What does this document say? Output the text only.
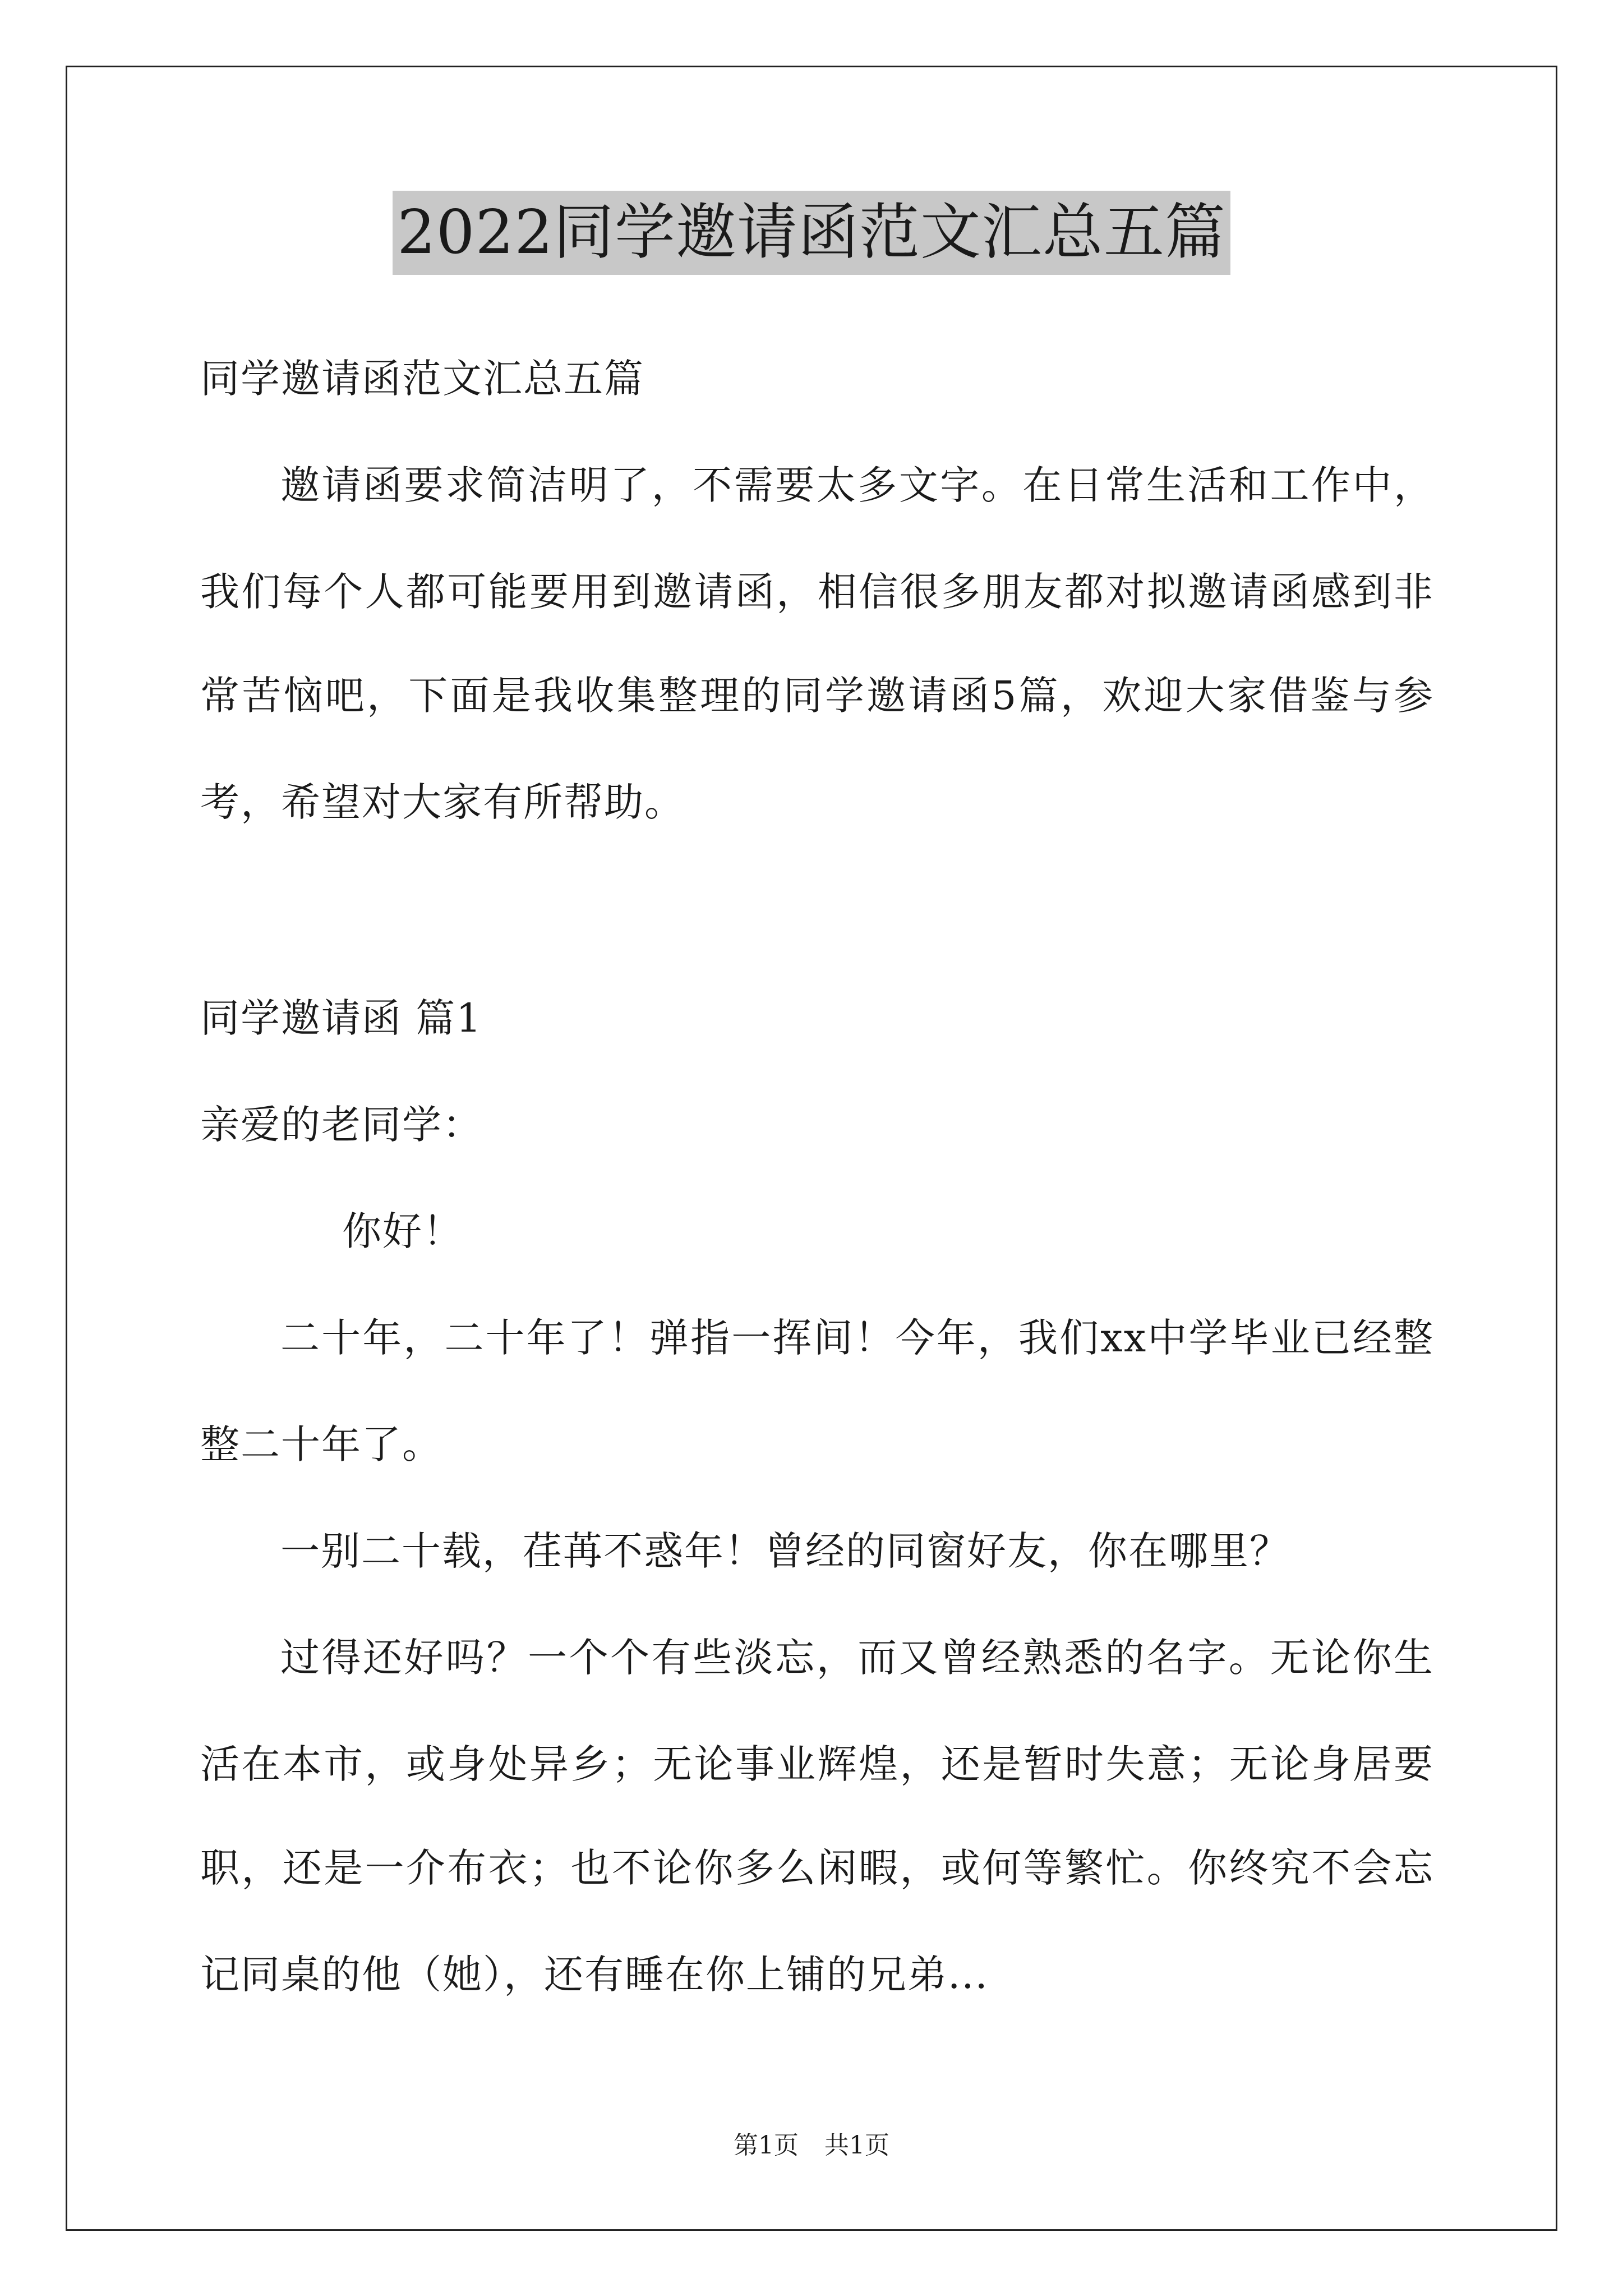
2022同学邀请函范文汇总五篇
同学邀请函范文汇总五篇
邀请函要求简洁明了，不需要太多文字。在日常生活和工作中，
我们每个人都可能要用到邀请函，相信很多朋友都对拟邀请函感到非
常苦恼吧，下面是我收集整理的同学邀请函5篇，欢迎大家借鉴与参
考，希望对大家有所帮助。
同学邀请函 篇1
亲爱的老同学：
你好！
二十年，二十年了！弹指一挥间！今年，我们xx中学毕业已经整
整二十年了。
一别二十载，荏苒不惑年！曾经的同窗好友，你在哪里？
过得还好吗？一个个有些淡忘，而又曾经熟悉的名字。无论你生
活在本市，或身处异乡；无论事业辉煌，还是暂时失意；无论身居要
职，还是一介布衣；也不论你多么闲暇，或何等繁忙。你终究不会忘
记同桌的他（她），还有睡在你上铺的兄弟...
第1页 共1页
